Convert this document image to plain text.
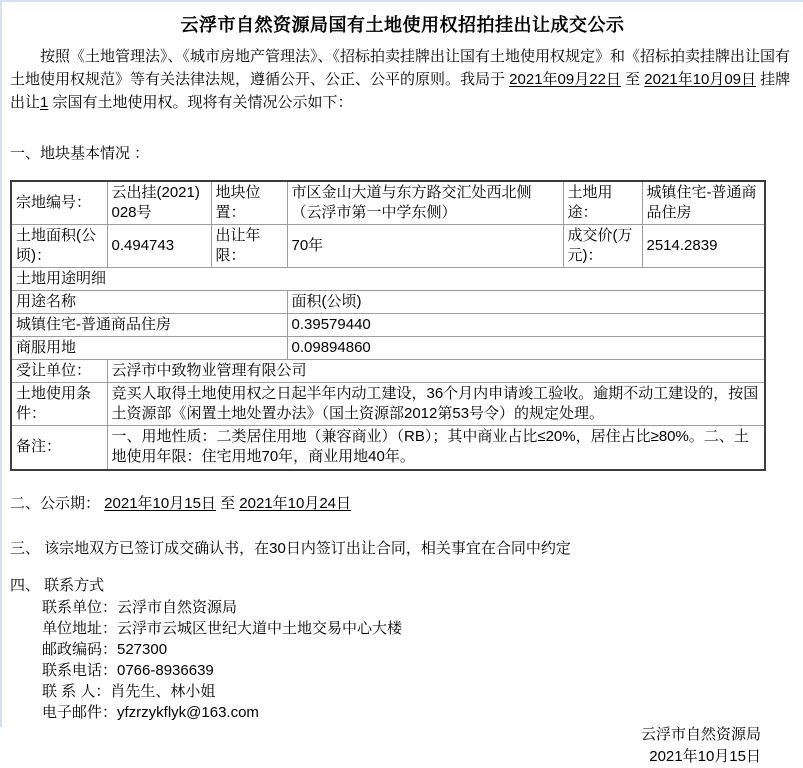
云浮市自然资源局国有土地使用权招拍挂出让成交公示

按照《土地管理法》、《城市房地产管理法》、《招标拍卖挂牌出让国有土地使用权规定》和《招标拍卖挂牌出让国有土地使用权规范》等有关法律法规，遵循公开、公正、公平的原则。我局于 2021年09月22日 至 2021年10月09日 挂牌出让1 宗国有土地使用权。现将有关情况公示如下：

一、地块基本情况 ：
宗地编号：	云出挂(2021)028号	地块位置：	市区金山大道与东方路交汇处西北侧（云浮市第一中学东侧）	土地用途：	城镇住宅-普通商品住房
土地面积(公顷)：	0.494743	出让年限：	70年	成交价(万元)：	2514.2839
土地用途明细					
用途名称			面积(公顷)		
城镇住宅-普通商品住房			0.39579440		
商服用地			0.09894860		
受让单位：	云浮市中致物业管理有限公司				
土地使用条件：	竞买人取得土地使用权之日起半年内动工建设，36个月内申请竣工验收。逾期不动工建设的，按国土资源部《闲置土地处置办法》（国土资源部2012第53号令）的规定处理。				
备注：	一、用地性质：二类居住用地（兼容商业）（RB）；其中商业占比≤20%，居住占比≥80%。二、土地使用年限：住宅用地70年，商业用地40年。				
二、公示期： 2021年10月15日 至 2021年10月24日
三、 该宗地双方已签订成交确认书，在30日内签订出让合同，相关事宜在合同中约定
四、 联系方式
联系单位：云浮市自然资源局
单位地址：云浮市云城区世纪大道中土地交易中心大楼
邮政编码：527300
联系电话：0766-8936639
联 系 人：肖先生、林小姐
电子邮件：yfzrzykflyk@163.com
云浮市自然资源局
2021年10月15日
